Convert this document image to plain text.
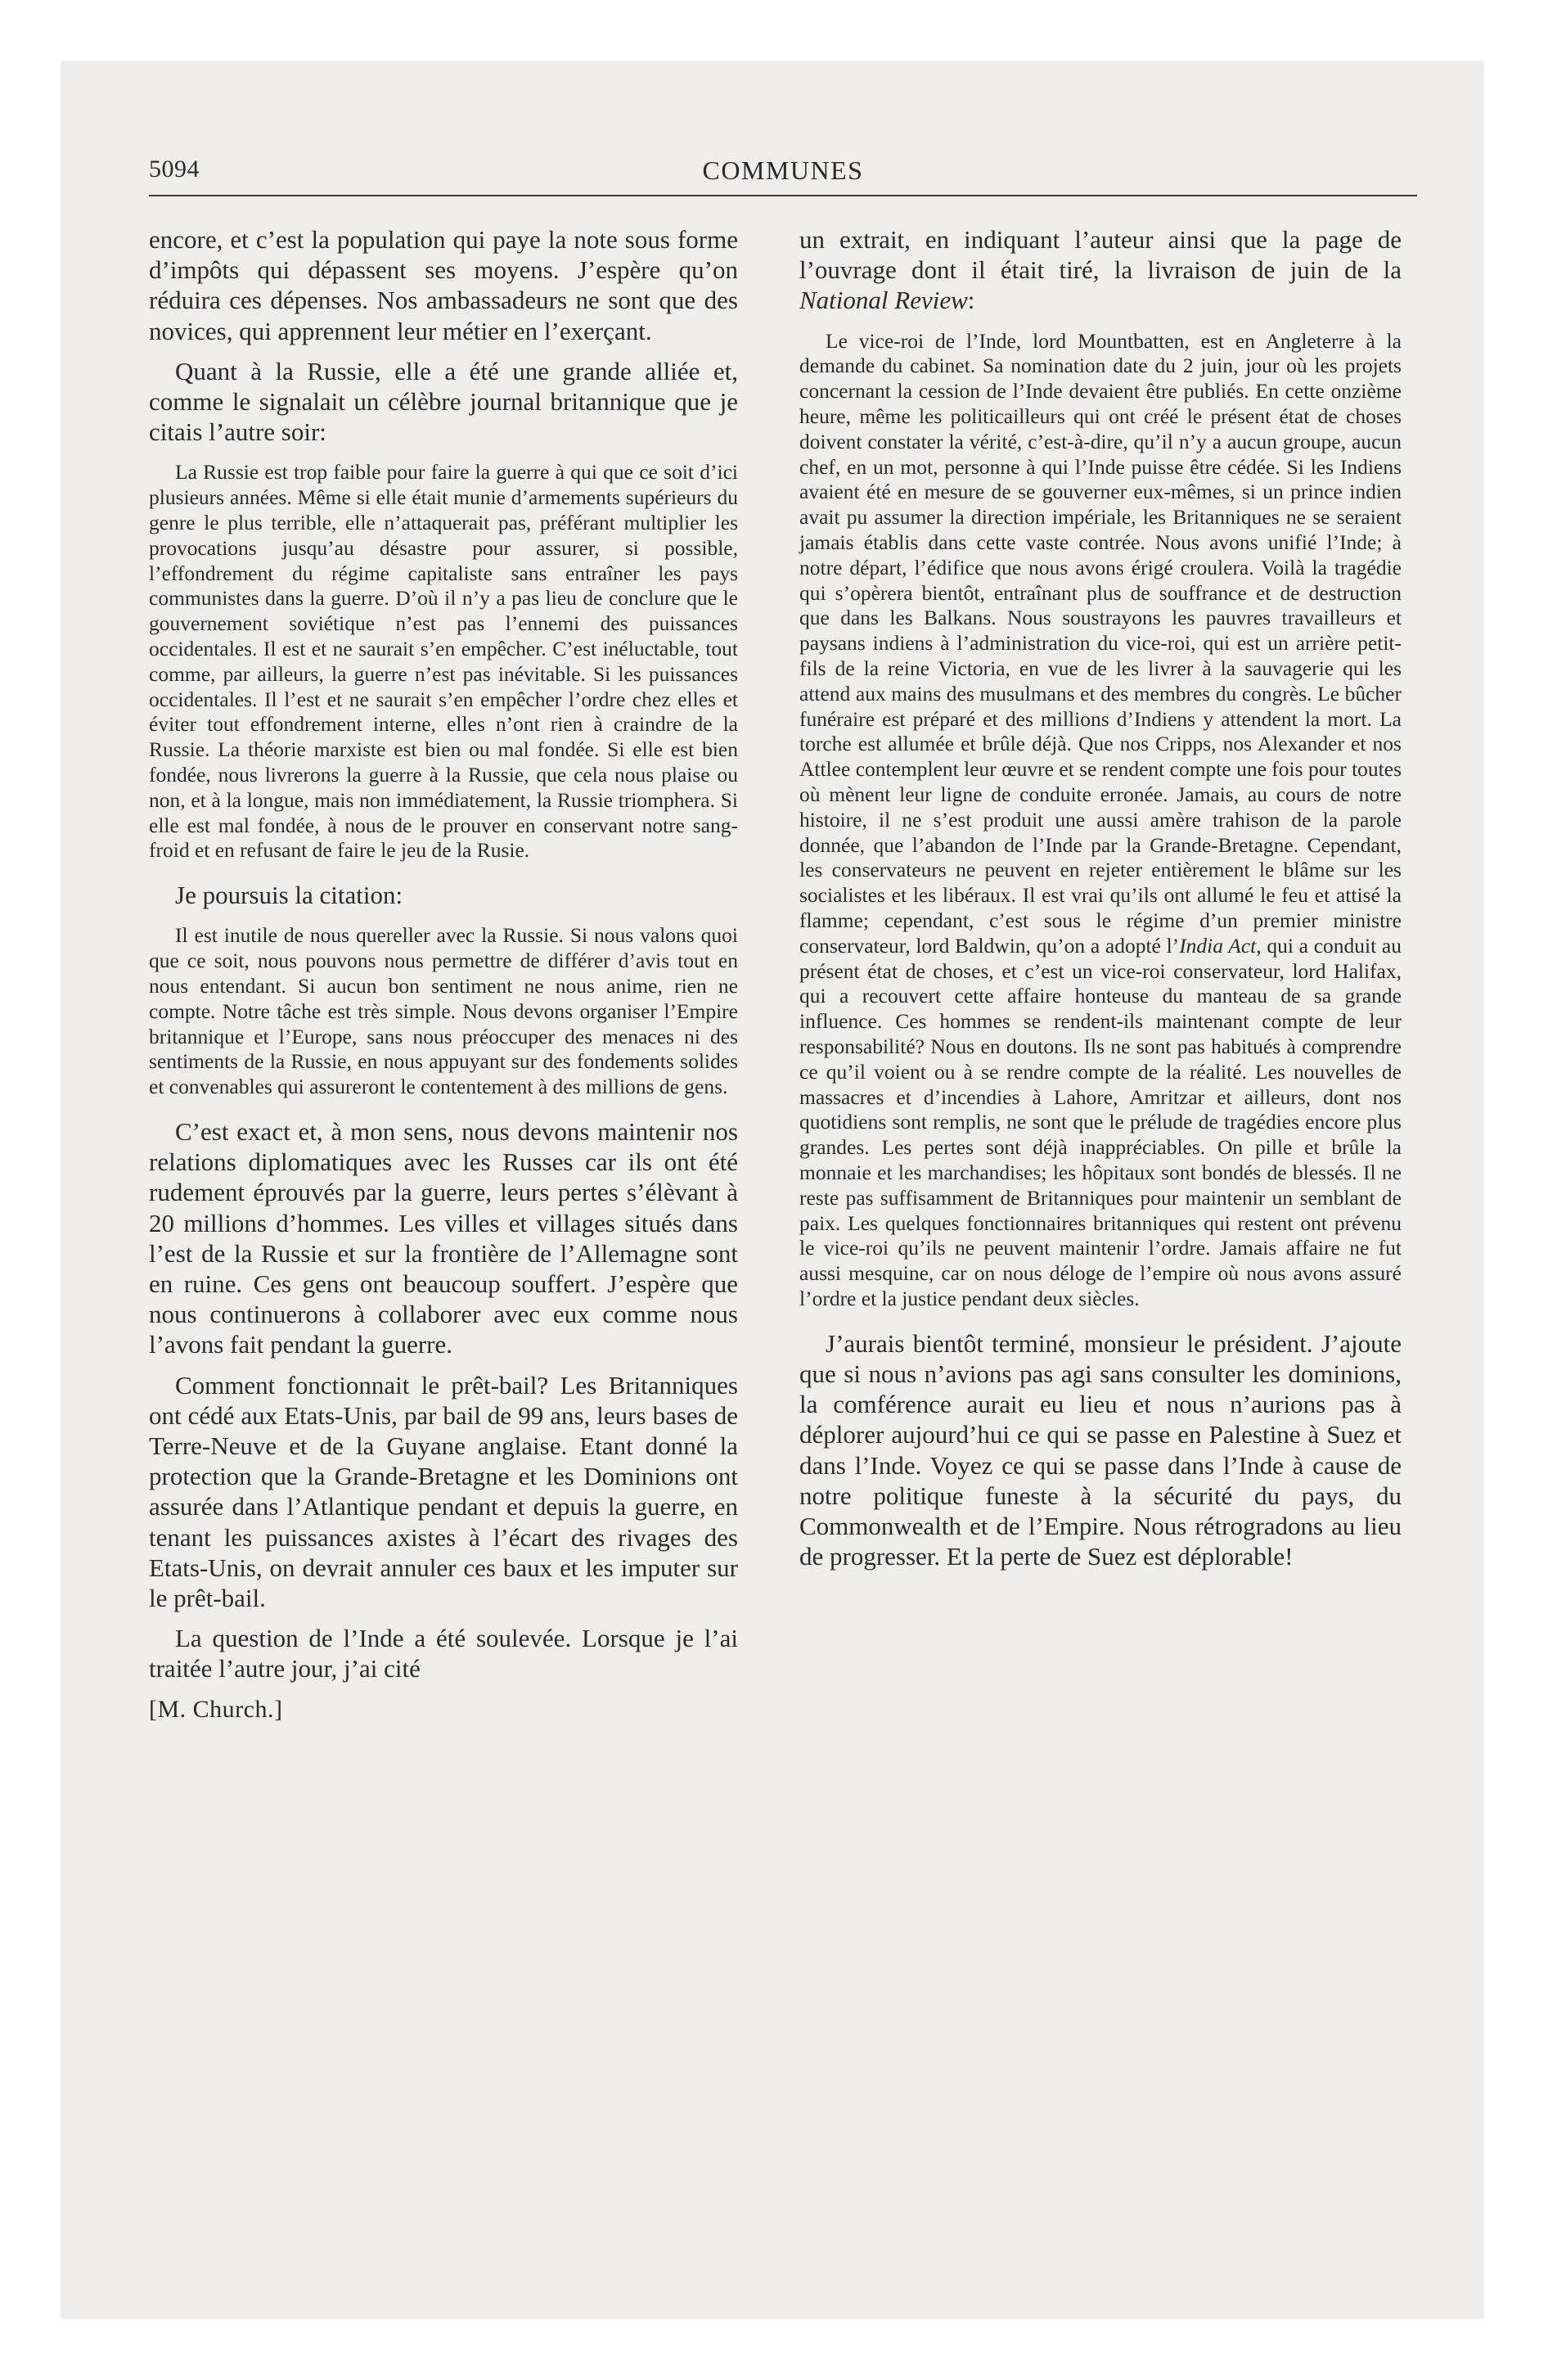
5094	COMMUNES

encore, et c’est la population qui paye la note sous forme d’impôts qui dépassent ses moyens. J’espère qu’on réduira ces dépenses. Nos ambassadeurs ne sont que des novices, qui apprennent leur métier en l’exerçant.

Quant à la Russie, elle a été une grande alliée et, comme le signalait un célèbre journal britannique que je citais l’autre soir:

La Russie est trop faible pour faire la guerre à qui que ce soit d’ici plusieurs années. Même si elle était munie d’armements supérieurs du genre le plus terrible, elle n’attaquerait pas, préférant multiplier les provocations jusqu’au désastre pour assurer, si possible, l’effondrement du régime capitaliste sans entraîner les pays communistes dans la guerre. D’où il n’y a pas lieu de conclure que le gouvernement soviétique n’est pas l’ennemi des puissances occidentales. Il est et ne saurait s’en empêcher. C’est inéluctable, tout comme, par ailleurs, la guerre n’est pas inévitable. Si les puissances occidentales. Il l’est et ne saurait s’en empêcher l’ordre chez elles et éviter tout effondrement interne, elles n’ont rien à craindre de la Russie. La théorie marxiste est bien ou mal fondée. Si elle est bien fondée, nous livrerons la guerre à la Russie, que cela nous plaise ou non, et à la longue, mais non immédiatement, la Russie triomphera. Si elle est mal fondée, à nous de le prouver en conservant notre sang-froid et en refusant de faire le jeu de la Rusie.

Je poursuis la citation:

Il est inutile de nous quereller avec la Russie. Si nous valons quoi que ce soit, nous pouvons nous permettre de différer d’avis tout en nous entendant. Si aucun bon sentiment ne nous anime, rien ne compte. Notre tâche est très simple. Nous devons organiser l’Empire britannique et l’Europe, sans nous préoccuper des menaces ni des sentiments de la Russie, en nous appuyant sur des fondements solides et convenables qui assureront le contentement à des millions de gens.

C’est exact et, à mon sens, nous devons maintenir nos relations diplomatiques avec les Russes car ils ont été rudement éprouvés par la guerre, leurs pertes s’élèvant à 20 millions d’hommes. Les villes et villages situés dans l’est de la Russie et sur la frontière de l’Allemagne sont en ruine. Ces gens ont beaucoup souffert. J’espère que nous continuerons à collaborer avec eux comme nous l’avons fait pendant la guerre.

Comment fonctionnait le prêt-bail? Les Britanniques ont cédé aux Etats-Unis, par bail de 99 ans, leurs bases de Terre-Neuve et de la Guyane anglaise. Etant donné la protection que la Grande-Bretagne et les Dominions ont assurée dans l’Atlantique pendant et depuis la guerre, en tenant les puissances axistes à l’écart des rivages des Etats-Unis, on devrait annuler ces baux et les imputer sur le prêt-bail.

La question de l’Inde a été soulevée. Lorsque je l’ai traitée l’autre jour, j’ai cité

[M. Church.]

un extrait, en indiquant l’auteur ainsi que la page de l’ouvrage dont il était tiré, la livraison de juin de la National Review:

Le vice-roi de l’Inde, lord Mountbatten, est en Angleterre à la demande du cabinet. Sa nomination date du 2 juin, jour où les projets concernant la cession de l’Inde devaient être publiés. En cette onzième heure, même les politicailleurs qui ont créé le présent état de choses doivent constater la vérité, c’est-à-dire, qu’il n’y a aucun groupe, aucun chef, en un mot, personne à qui l’Inde puisse être cédée. Si les Indiens avaient été en mesure de se gouverner eux-mêmes, si un prince indien avait pu assumer la direction impériale, les Britanniques ne se seraient jamais établis dans cette vaste contrée. Nous avons unifié l’Inde; à notre départ, l’édifice que nous avons érigé croulera. Voilà la tragédie qui s’opèrera bientôt, entraînant plus de souffrance et de destruction que dans les Balkans. Nous soustrayons les pauvres travailleurs et paysans indiens à l’administration du vice-roi, qui est un arrière petit-fils de la reine Victoria, en vue de les livrer à la sauvagerie qui les attend aux mains des musulmans et des membres du congrès. Le bûcher funéraire est préparé et des millions d’Indiens y attendent la mort. La torche est allumée et brûle déjà. Que nos Cripps, nos Alexander et nos Attlee contemplent leur œuvre et se rendent compte une fois pour toutes où mènent leur ligne de conduite erronée. Jamais, au cours de notre histoire, il ne s’est produit une aussi amère trahison de la parole donnée, que l’abandon de l’Inde par la Grande-Bretagne. Cependant, les conservateurs ne peuvent en rejeter entièrement le blâme sur les socialistes et les libéraux. Il est vrai qu’ils ont allumé le feu et attisé la flamme; cependant, c’est sous le régime d’un premier ministre conservateur, lord Baldwin, qu’on a adopté l’India Act, qui a conduit au présent état de choses, et c’est un vice-roi conservateur, lord Halifax, qui a recouvert cette affaire honteuse du manteau de sa grande influence. Ces hommes se rendent-ils maintenant compte de leur responsabilité? Nous en doutons. Ils ne sont pas habitués à comprendre ce qu’il voient ou à se rendre compte de la réalité. Les nouvelles de massacres et d’incendies à Lahore, Amritzar et ailleurs, dont nos quotidiens sont remplis, ne sont que le prélude de tragédies encore plus grandes. Les pertes sont déjà inappréciables. On pille et brûle la monnaie et les marchandises; les hôpitaux sont bondés de blessés. Il ne reste pas suffisamment de Britanniques pour maintenir un semblant de paix. Les quelques fonctionnaires britanniques qui restent ont prévenu le vice-roi qu’ils ne peuvent maintenir l’ordre. Jamais affaire ne fut aussi mesquine, car on nous déloge de l’empire où nous avons assuré l’ordre et la justice pendant deux siècles.

J’aurais bientôt terminé, monsieur le président. J’ajoute que si nous n’avions pas agi sans consulter les dominions, la comférence aurait eu lieu et nous n’aurions pas à déplorer aujourd’hui ce qui se passe en Palestine à Suez et dans l’Inde. Voyez ce qui se passe dans l’Inde à cause de notre politique funeste à la sécurité du pays, du Commonwealth et de l’Empire. Nous rétrogradons au lieu de progresser. Et la perte de Suez est déplorable!
